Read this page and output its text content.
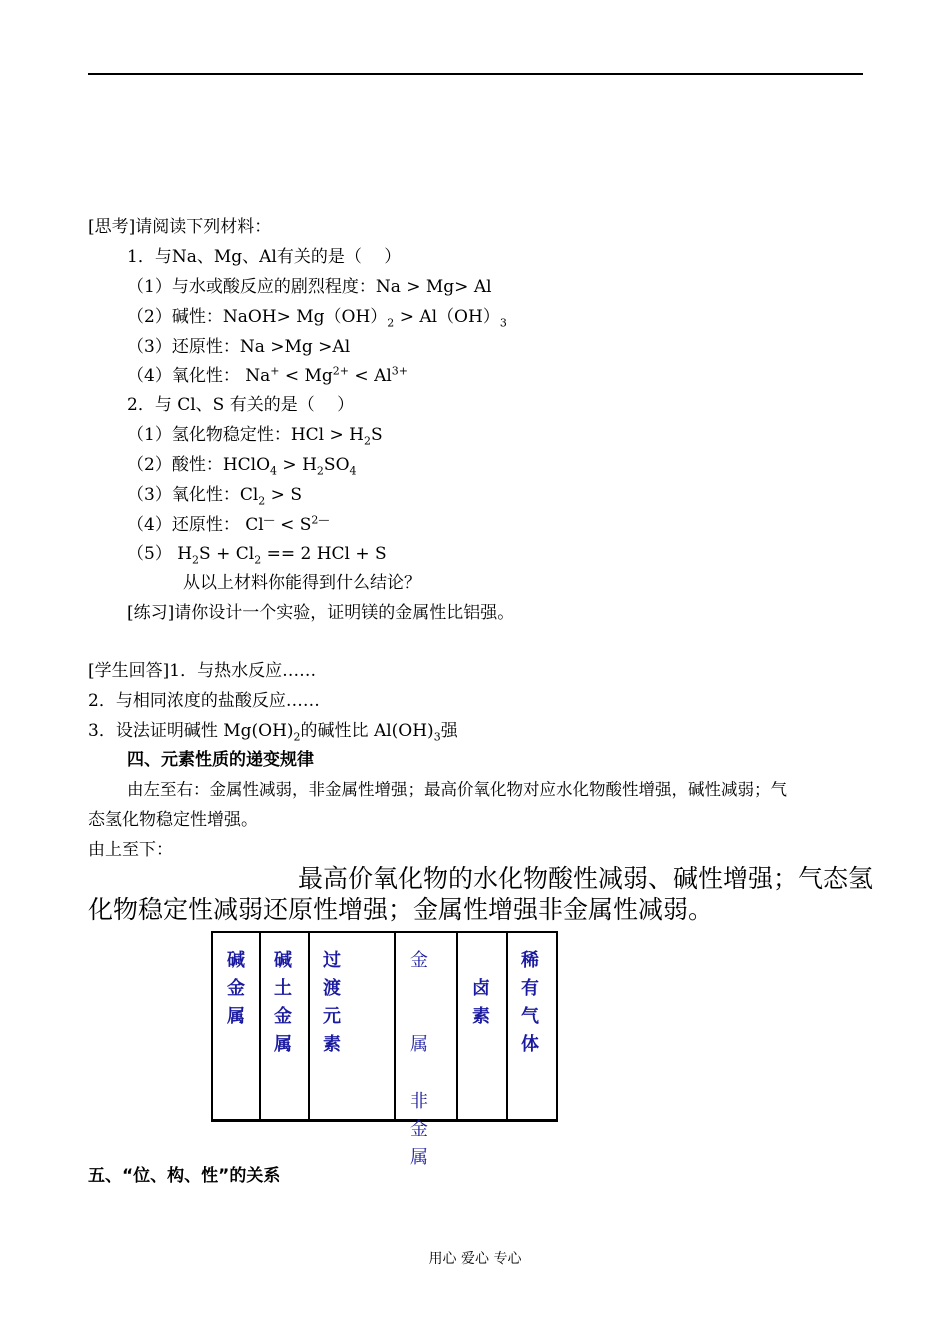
[思考]请阅读下列材料：
1．与Na、Mg、Al有关的是（　 ）
（1）与水或酸反应的剧烈程度：Na > Mg> Al
（2）碱性：NaOH> $Mg(OH)_2 > Al(OH)_3$
（3）还原性：Na >Mg >Al
（4）氧化性： $Na^+ < Mg^{2+} < Al^{3+}$
2．与 Cl、S 有关的是（　 ）
（1）氢化物稳定性：HCl > $H_2S$
（2）酸性：HClO$_4$ > $H_2SO_4$
（3）氧化性：$Cl_2 > S$
（4）还原性： $Cl^— < S^{2—}$
（5） $H_2S + Cl_2 == 2$ HCl + S
从以上材料你能得到什么结论？
[练习]请你设计一个实验，证明镁的金属性比铝强。
[学生回答]1．与热水反应……
2．与相同浓度的盐酸反应……
3．设法证明碱性 $Mg(OH)_2$的碱性比 $Al(OH)_3$强
四、元素性质的递变规律
由左至右：金属性减弱，非金属性增强；最高价氧化物对应水化物酸性增强，碱性减弱；气
态氢化物稳定性增强。
由上至下：
最高价氧化物的水化物酸性减弱、碱性增强；气态氢
化物稳定性减弱还原性增强；金属性增强非金属性减弱。
碱
金
属
碱
土
金
属
过
渡
元
素
金
属
非
金
属
卤
素
稀
有
气
体
五、“位、构、性”的关系
用心 爱心 专心
